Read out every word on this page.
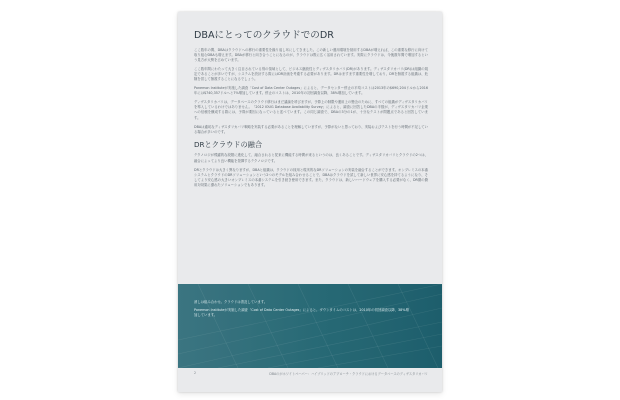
DBAにとってのクラウドでのDR

ここ数年の間、DBAはクラウドへの移行の重要性を繰り返し耳にしてきました。この新しい運用環境を採用するDBAが増えれば、この重要な移行に向けて取り組むDBAも増えます。DBAが移行と向き合うことになるのが、クラウドは既に広く活用されています。実際にクラウドは、今後数年間で増加するという見方が大勢を占めています。

ここ数年間にわたって大きく注目されている別の領域として、ビジネス継続性とディザスタリカバリ(DR)があります。ディザスタリカバリ(DR)は組織の規定であることが多いですが、システムを設計する際にはDR計画を考慮する必要があります。DRはますます重要性を増しており、DRを無視する組織は、危険を冒して無視することになるでしょう。

Ponemon Instituteが実施した調査「Cost of Data Center Outages」によると、データセンター停止の平均コストは2013年の$690,204ドルから2016年には$740,357ドルへと7%増加しています。停止のコストは、2010年の初回調査以降、38%増加しています。

ディザスタリカバリは、データベースのクラウド移行はまだ議論を呼びますが、予算上の制限や運用上の懸念のために、すべての組織がディザスタリカバリを導入しているわけではありません。「2012 IOUG Database Availability Survey」によると、調査に回答したDBAの半数が、ディザスタリカバリ企業への信頼を醸成する際には、予算が要因になっていると述べています。この同じ調査で、DBAの3分の1が、十分なテストが問題点であると回答しています。

DBAは適切なディザスタリカバリ戦略を実装する必要があることを理解していますが、予算がないと思っており、実装およびテストを行う時間が不足している場合が多いのです。

DRとクラウドの融合

テクノロジが飛躍的な段階に進化して、融合されると従来に機能する時間が来るというのは、良くあることです。ディザスタリカバリとクラウドの2つは、融合によってより良い機能を発揮するテクノロジです。

DRとクラウドは大きく異なりますが、DBAと組織は、クラウドの採用と現実的なDRソリューションの実装を融合することができます。オンプレミスの本番システムとクラウドのDRソリューションという2つのモデルを組み合わせることで、DBAはクラウドを試して新しい世界に安心感を持てるようになり、そしてより安心感の大きいオンプレミスの本番システムを引き続き使用できます。また、クラウドは、新しいハードウェアを購入する必要がなく、DR期の費用対効果に優れたソリューションでもあります。

消しは組み合わせ。クラウドは普及しています。
Ponemon Instituteが実施した調査「Cost of Data Center Outages」によると、ダウンタイムのコストは、2010年の初回調査以降、38%増加しています。
2	DBAのがホワイトペーパー：ハイブリッドのアプローチ・クラウドにおけるデータベースのディザスタリカバリ
